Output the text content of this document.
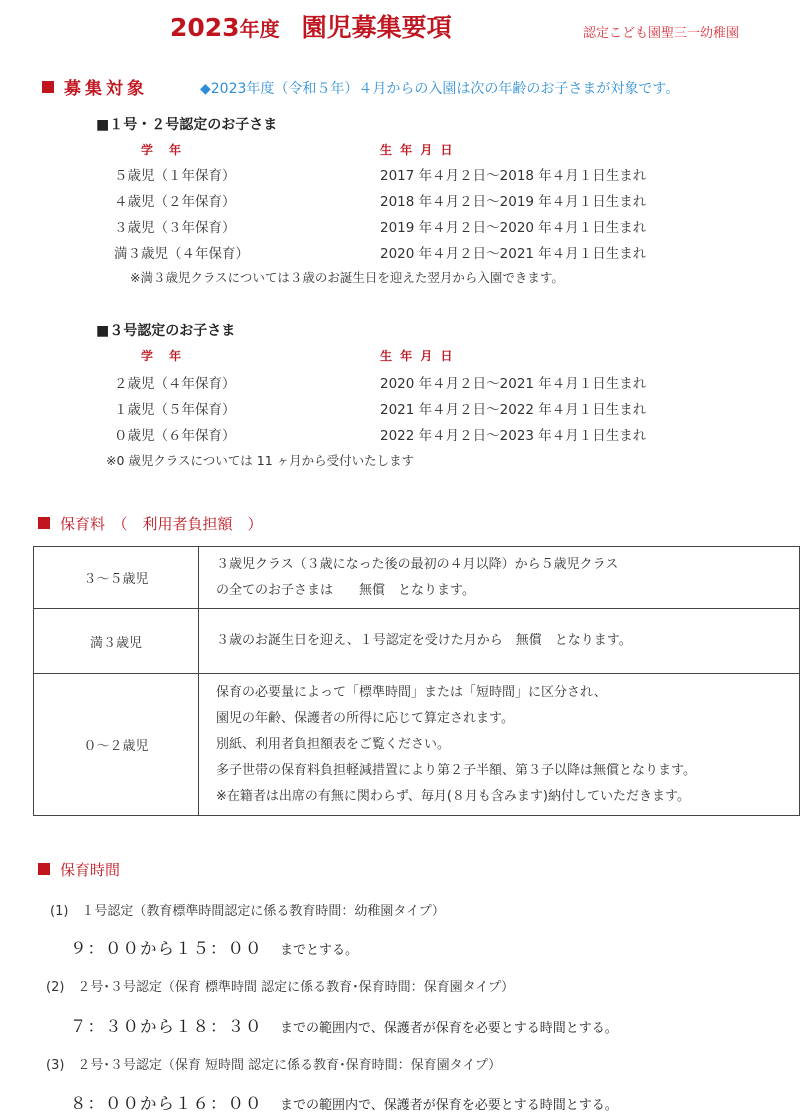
2023年度 園児募集要項	認定こども園聖三一幼稚園
募集対象	◆2023年度（令和５年）４月からの入園は次の年齢のお子さまが対象です。
■１号・２号認定のお子さま
学　年	生 年 月 日
５歳児（１年保育）	2017 年４月２日～2018 年４月１日生まれ
４歳児（２年保育）	2018 年４月２日～2019 年４月１日生まれ
３歳児（３年保育）	2019 年４月２日～2020 年４月１日生まれ
満３歳児（４年保育）	2020 年４月２日～2021 年４月１日生まれ
※満３歳児クラスについては３歳のお誕生日を迎えた翌月から入園できます。
■３号認定のお子さま
学　年	生 年 月 日
２歳児（４年保育）	2020 年４月２日～2021 年４月１日生まれ
１歳児（５年保育）	2021 年４月２日～2022 年４月１日生まれ
０歳児（６年保育）	2022 年４月２日～2023 年４月１日生まれ
※0 歳児クラスについては 11 ヶ月から受付いたします
保育料　（　利用者負担額　）
３～５歳児	３歳児クラス（３歳になった後の最初の４月以降）から５歳児クラス
の全てのお子さまは　　無償　となります。

満３歳児	３歳のお誕生日を迎え、１号認定を受けた月から　無償　となります。

０～２歳児	保育の必要量によって「標準時間」または「短時間」に区分され、
園児の年齢、保護者の所得に応じて算定されます。
別紙、利用者負担額表をご覧ください。
多子世帯の保育料負担軽減措置により第２子半額、第３子以降は無償となります。
※在籍者は出席の有無に関わらず、毎月(８月も含みます)納付していただきます。
保育時間
(1)　１号認定（教育標準時間認定に係る教育時間：幼稚園タイプ）
９：００から１５：００　 までとする。
(2)　２号･３号認定（保育 標準時間 認定に係る教育･保育時間：保育園タイプ）
７：３０から１８：３０　 までの範囲内で、保護者が保育を必要とする時間とする。
(3)　２号･３号認定（保育 短時間 認定に係る教育･保育時間：保育園タイプ）
８：００から１６：００　 までの範囲内で、保護者が保育を必要とする時間とする。
